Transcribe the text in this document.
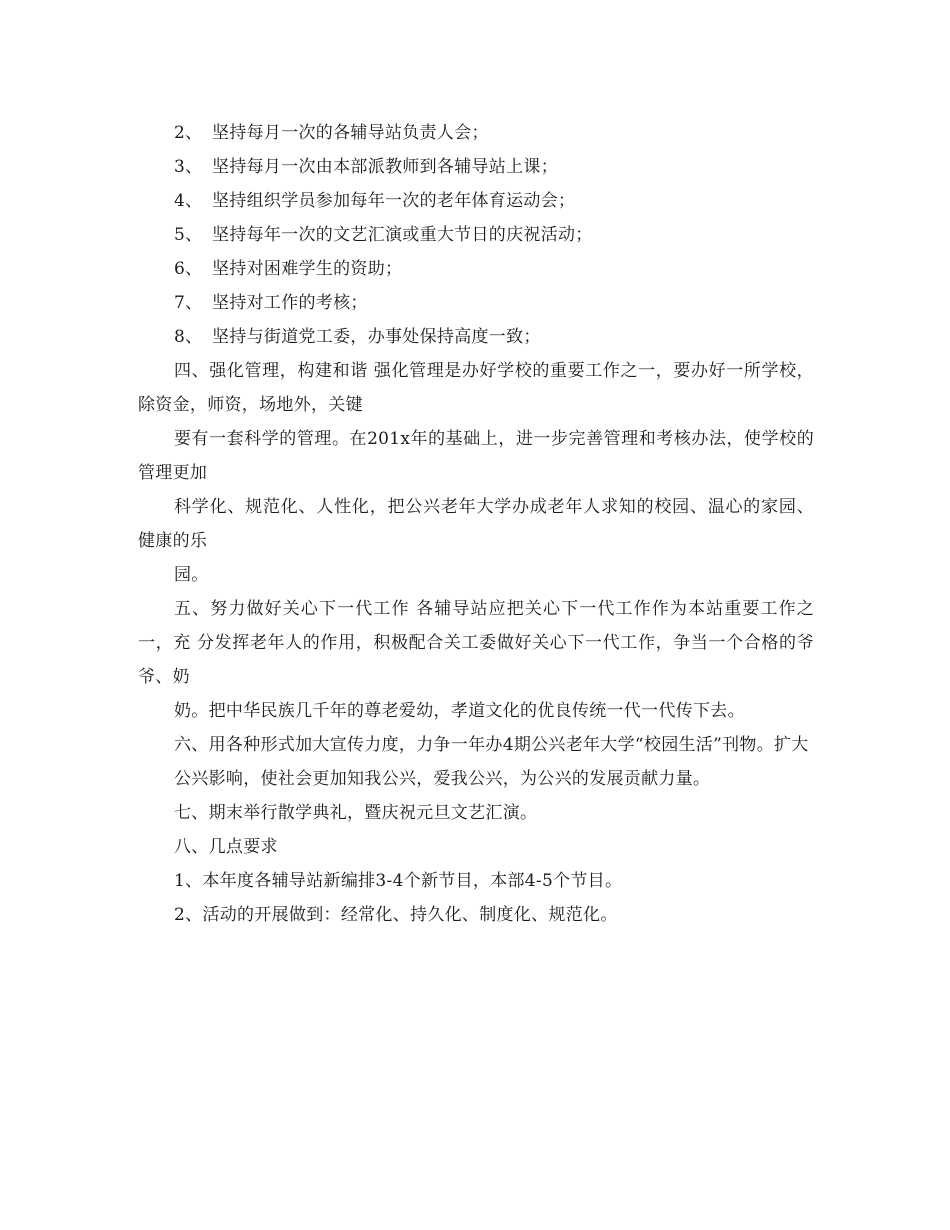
2、 坚持每月一次的各辅导站负责人会；
3、 坚持每月一次由本部派教师到各辅导站上课；
4、 坚持组织学员参加每年一次的老年体育运动会；
5、 坚持每年一次的文艺汇演或重大节日的庆祝活动；
6、 坚持对困难学生的资助；
7、 坚持对工作的考核；
8、 坚持与街道党工委，办事处保持高度一致；
四、强化管理，构建和谐 强化管理是办好学校的重要工作之一，要办好一所学校，除资金，师资，场地外，关键
要有一套科学的管理。在201x年的基础上，进一步完善管理和考核办法，使学校的管理更加
科学化、规范化、人性化，把公兴老年大学办成老年人求知的校园、温心的家园、健康的乐
园。
五、努力做好关心下一代工作 各辅导站应把关心下一代工作作为本站重要工作之一，充 分发挥老年人的作用，积极配合关工委做好关心下一代工作，争当一个合格的爷爷、奶
奶。把中华民族几千年的尊老爱幼，孝道文化的优良传统一代一代传下去。
六、用各种形式加大宣传力度，力争一年办4期公兴老年大学“校园生活”刊物。扩大
公兴影响，使社会更加知我公兴，爱我公兴，为公兴的发展贡献力量。
七、期末举行散学典礼，暨庆祝元旦文艺汇演。
八、几点要求
1、本年度各辅导站新编排3-4个新节目，本部4-5个节目。
2、活动的开展做到：经常化、持久化、制度化、规范化。
